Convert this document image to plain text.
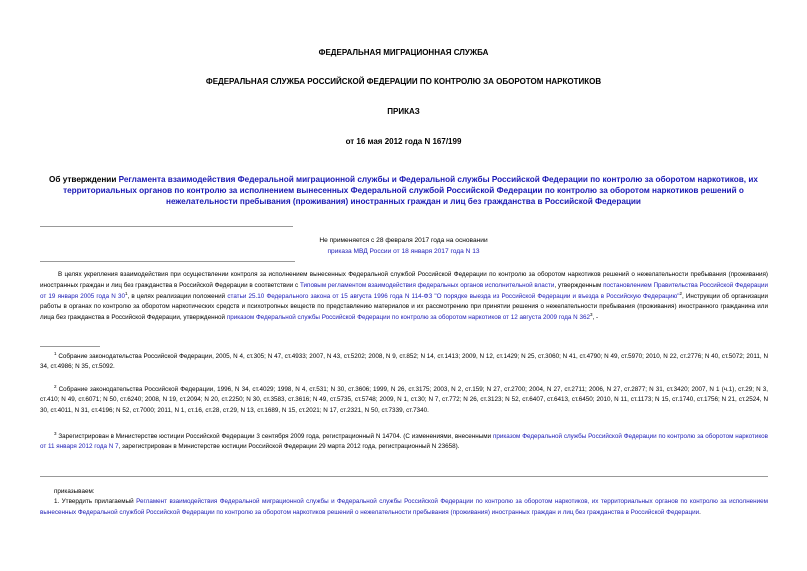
ФЕДЕРАЛЬНАЯ МИГРАЦИОННАЯ СЛУЖБА
ФЕДЕРАЛЬНАЯ СЛУЖБА РОССИЙСКОЙ ФЕДЕРАЦИИ ПО КОНТРОЛЮ ЗА ОБОРОТОМ НАРКОТИКОВ
ПРИКАЗ
от 16 мая 2012 года N 167/199
Об утверждении Регламента взаимодействия Федеральной миграционной службы и Федеральной службы Российской Федерации по контролю за оборотом наркотиков, их территориальных органов по контролю за исполнением вынесенных Федеральной службой Российской Федерации по контролю за оборотом наркотиков решений о нежелательности пребывания (проживания) иностранных граждан и лиц без гражданства в Российской Федерации
Не применяется с 28 февраля 2017 года на основании
приказа МВД России от 18 января 2017 года N 13
В целях укрепления взаимодействия при осуществлении контроля за исполнением вынесенных Федеральной службой Российской Федерации по контролю за оборотом наркотиков решений о нежелательности пребывания (проживания) иностранных граждан и лиц без гражданства в Российской Федерации в соответствии с Типовым регламентом взаимодействия федеральных органов исполнительной власти, утвержденным постановлением Правительства Российской Федерации от 19 января 2005 года N $30^1$, в целях реализации положений статьи 25.10 Федерального закона от 15 августа 1996 года N 114-ФЗ "О порядке выезда из Российской Федерации и въезда в Российскую Федерацию"$^2$, Инструкции об организации работы в органах по контролю за оборотом наркотических средств и психотропных веществ по представлению материалов и их рассмотрению при принятии решения о нежелательности пребывания (проживания) иностранного гражданина или лица без гражданства в Российской Федерации, утвержденной приказом Федеральной службы Российской Федерации по контролю за оборотом наркотиков от 12 августа 2009 года N $362^3$, -
$^1$ Собрание законодательства Российской Федерации, 2005, N 4, ст.305; N 47, ст.4933; 2007, N 43, ст.5202; 2008, N 9, ст.852; N 14, ст.1413; 2009, N 12, ст.1429; N 25, ст.3060; N 41, ст.4790; N 49, ст.5970; 2010, N 22, ст.2776; N 40, ст.5072; 2011, N 34, ст.4986; N 35, ст.5092.
$^2$ Собрание законодательства Российской Федерации, 1996, N 34, ст.4029; 1998, N 4, ст.531; N 30, ст.3606; 1999, N 26, ст.3175; 2003, N 2, ст.159; N 27, ст.2700; 2004, N 27, ст.2711; 2006, N 27, ст.2877; N 31, ст.3420; 2007, N 1 (ч.1), ст.29; N 3, ст.410; N 49, ст.6071; N 50, ст.6240; 2008, N 19, ст.2094; N 20, ст.2250; N 30, ст.3583, ст.3616; N 49, ст.5735, ст.5748; 2009, N 1, ст.30; N 7, ст.772; N 26, ст.3123; N 52, ст.6407, ст.6413, ст.6450; 2010, N 11, ст.1173; N 15, ст.1740, ст.1756; N 21, ст.2524, N 30, ст.4011, N 31, ст.4196; N 52, ст.7000; 2011, N 1, ст.16, ст.28, ст.29, N 13, ст.1689, N 15, ст.2021; N 17, ст.2321, N 50, ст.7339, ст.7340.
$^3$ Зарегистрирован в Министерстве юстиции Российской Федерации 3 сентября 2009 года, регистрационный N 14704. (С изменениями, внесенными приказом Федеральной службы Российской Федерации по контролю за оборотом наркотиков от 11 января 2012 года N 7, зарегистрирован в Министерстве юстиции Российской Федерации 29 марта 2012 года, регистрационный N 23658).
приказываем:
1. Утвердить прилагаемый Регламент взаимодействия Федеральной миграционной службы и Федеральной службы Российской Федерации по контролю за оборотом наркотиков, их территориальных органов по контролю за исполнением вынесенных Федеральной службой Российской Федерации по контролю за оборотом наркотиков решений о нежелательности пребывания (проживания) иностранных граждан и лиц без гражданства в Российской Федерации.
